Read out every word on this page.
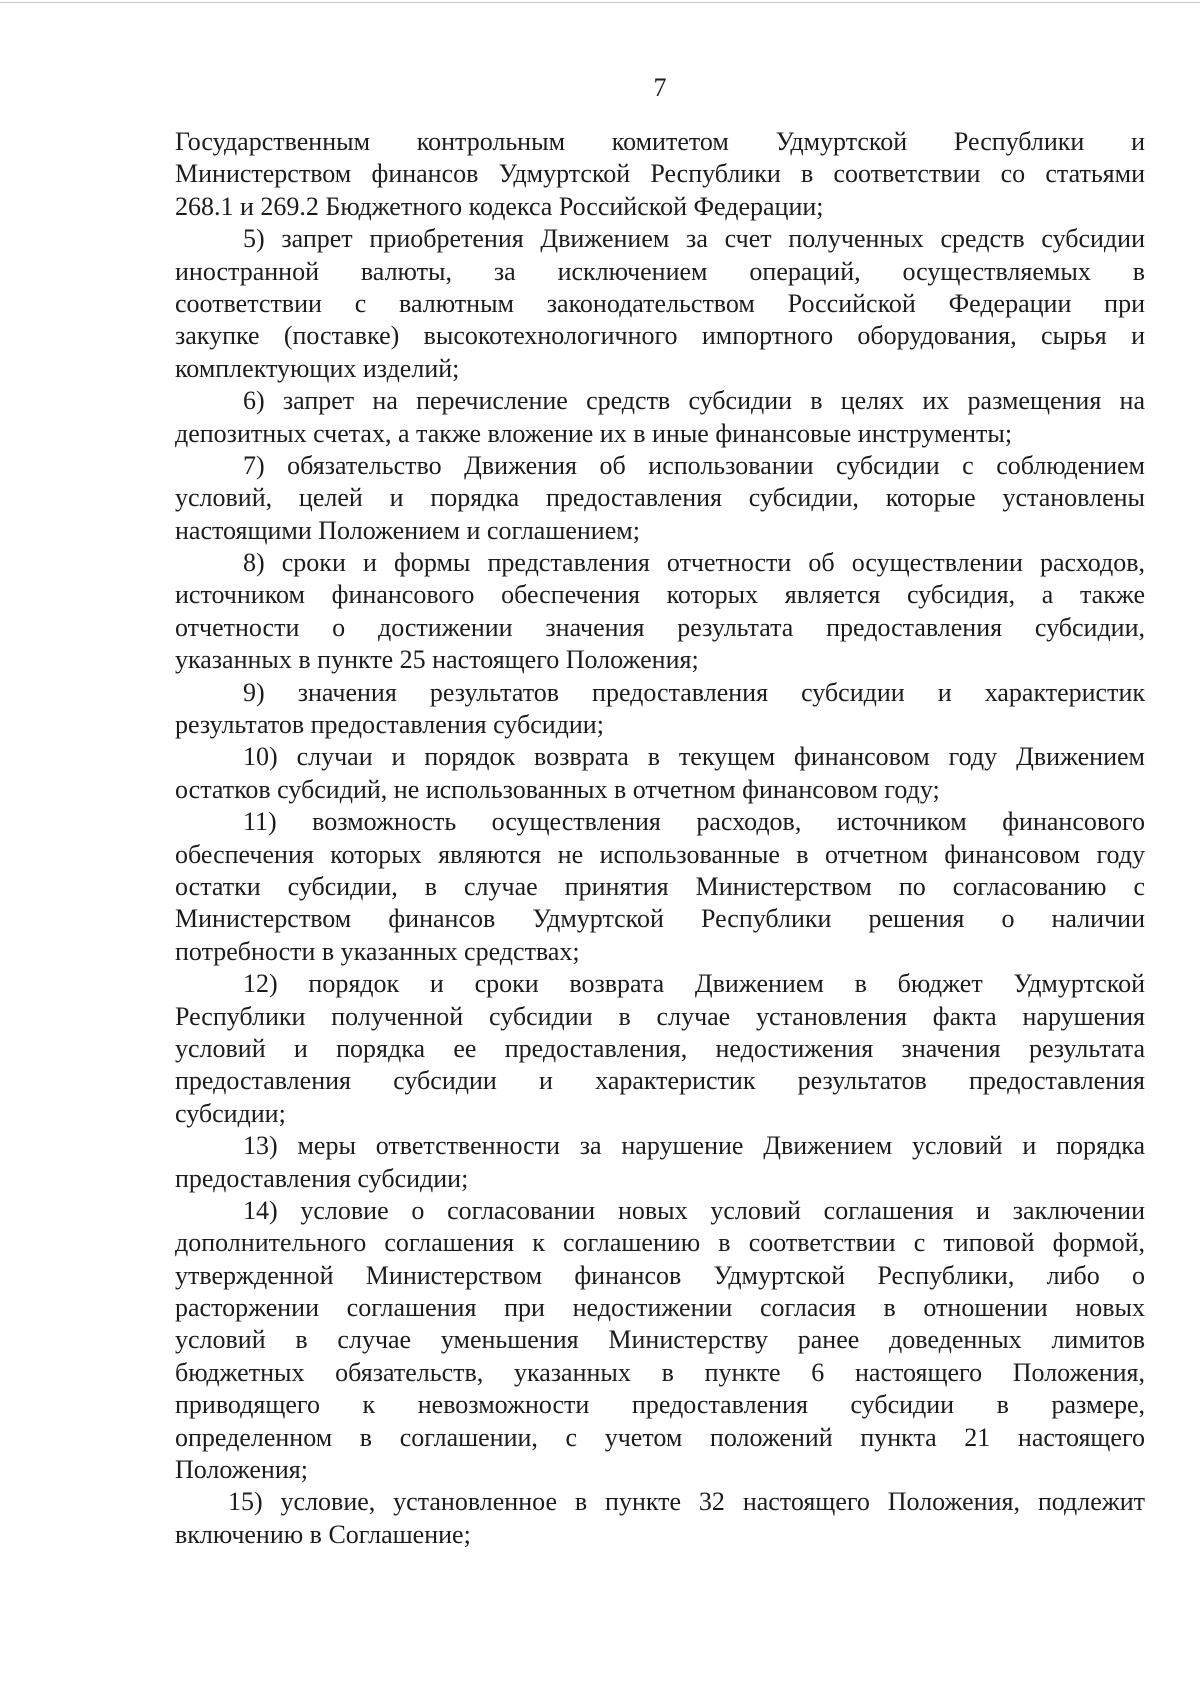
7
Государственным контрольным комитетом Удмуртской Республики и
Министерством финансов Удмуртской Республики в соответствии со статьями
268.1 и 269.2 Бюджетного кодекса Российской Федерации;
5) запрет приобретения Движением за счет полученных средств субсидии
иностранной валюты, за исключением операций, осуществляемых в
соответствии с валютным законодательством Российской Федерации при
закупке (поставке) высокотехнологичного импортного оборудования, сырья и
комплектующих изделий;
6) запрет на перечисление средств субсидии в целях их размещения на
депозитных счетах, а также вложение их в иные финансовые инструменты;
7) обязательство Движения об использовании субсидии с соблюдением
условий, целей и порядка предоставления субсидии, которые установлены
настоящими Положением и соглашением;
8) сроки и формы представления отчетности об осуществлении расходов,
источником финансового обеспечения которых является субсидия, а также
отчетности о достижении значения результата предоставления субсидии,
указанных в пункте 25 настоящего Положения;
9) значения результатов предоставления субсидии и характеристик
результатов предоставления субсидии;
10) случаи и порядок возврата в текущем финансовом году Движением
остатков субсидий, не использованных в отчетном финансовом году;
11) возможность осуществления расходов, источником финансового
обеспечения которых являются не использованные в отчетном финансовом году
остатки субсидии, в случае принятия Министерством по согласованию с
Министерством финансов Удмуртской Республики решения о наличии
потребности в указанных средствах;
12) порядок и сроки возврата Движением в бюджет Удмуртской
Республики полученной субсидии в случае установления факта нарушения
условий и порядка ее предоставления, недостижения значения результата
предоставления субсидии и характеристик результатов предоставления
субсидии;
13) меры ответственности за нарушение Движением условий и порядка
предоставления субсидии;
14) условие о согласовании новых условий соглашения и заключении
дополнительного соглашения к соглашению в соответствии с типовой формой,
утвержденной Министерством финансов Удмуртской Республики, либо о
расторжении соглашения при недостижении согласия в отношении новых
условий в случае уменьшения Министерству ранее доведенных лимитов
бюджетных обязательств, указанных в пункте 6 настоящего Положения,
приводящего к невозможности предоставления субсидии в размере,
определенном в соглашении, с учетом положений пункта 21 настоящего
Положения;
15) условие, установленное в пункте 32 настоящего Положения, подлежит
включению в Соглашение;
